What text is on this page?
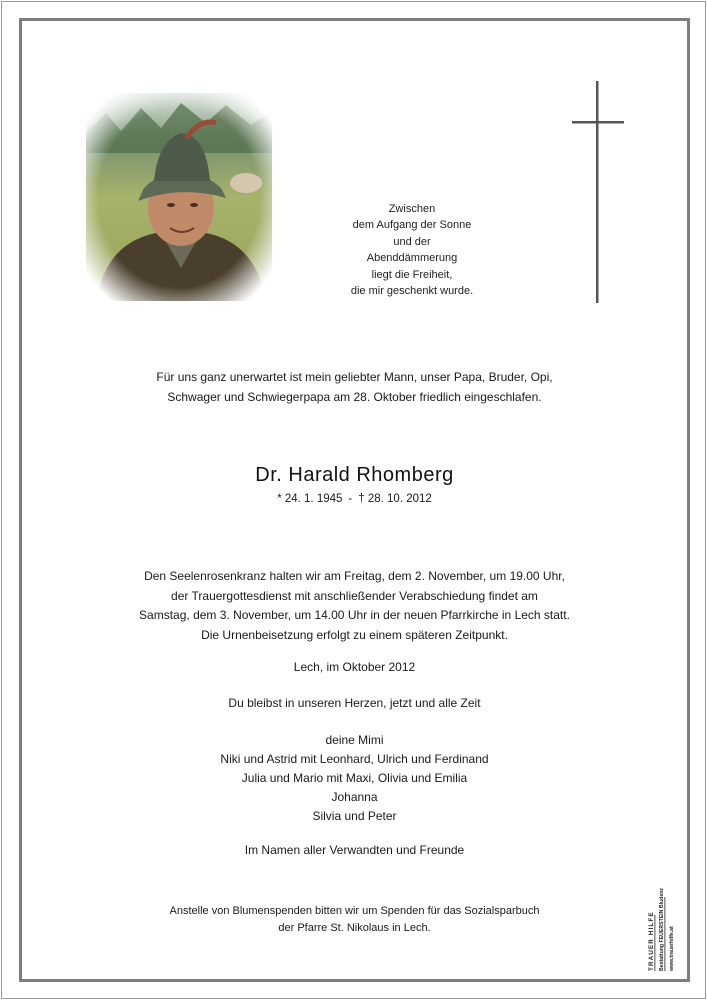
Zwischen
dem Aufgang der Sonne
und der
Abenddämmerung
liegt die Freiheit,
die mir geschenkt wurde.
Für uns ganz unerwartet ist mein geliebter Mann, unser Papa, Bruder, Opi,
Schwager und Schwiegerpapa am 28. Oktober friedlich eingeschlafen.
Dr. Harald Rhomberg
* 24. 1. 1945 - † 28. 10. 2012
Den Seelenrosenkranz halten wir am Freitag, dem 2. November, um 19.00 Uhr,
der Trauergottesdienst mit anschließender Verabschiedung findet am
Samstag, dem 3. November, um 14.00 Uhr in der neuen Pfarrkirche in Lech statt.
Die Urnenbeisetzung erfolgt zu einem späteren Zeitpunkt.
Lech, im Oktober 2012
Du bleibst in unseren Herzen, jetzt und alle Zeit
deine Mimi
Niki und Astrid mit Leonhard, Ulrich und Ferdinand
Julia und Mario mit Maxi, Olivia und Emilia
Johanna
Silvia und Peter
Im Namen aller Verwandten und Freunde
Anstelle von Blumenspenden bitten wir um Spenden für das Sozialsparbuch
der Pfarre St. Nikolaus in Lech.	TRAUER HILFE Bestattung FEUERSTEIN Bludenz www.trauerhilfe.at
